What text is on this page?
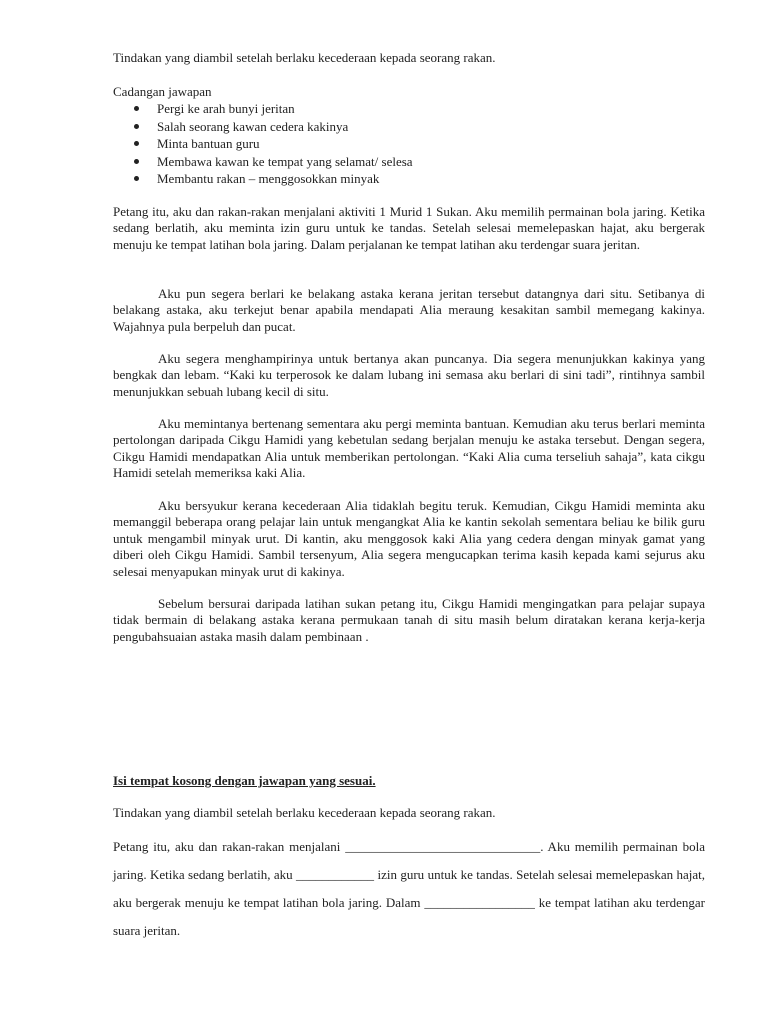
Tindakan yang diambil setelah berlaku kecederaan kepada seorang rakan.

Cadangan jawapan

Pergi ke arah bunyi jeritan
Salah seorang kawan cedera kakinya
Minta bantuan guru
Membawa kawan ke tempat yang selamat/ selesa
Membantu rakan – menggosokkan minyak

Petang itu, aku dan rakan-rakan menjalani aktiviti 1 Murid 1 Sukan. Aku memilih permainan bola jaring. Ketika sedang berlatih, aku meminta izin guru untuk ke tandas. Setelah selesai memelepaskan hajat, aku bergerak menuju ke tempat latihan bola jaring. Dalam perjalanan ke tempat latihan aku terdengar suara jeritan.

Aku pun segera berlari ke belakang astaka kerana jeritan tersebut datangnya dari situ. Setibanya di belakang astaka, aku terkejut benar apabila mendapati Alia meraung kesakitan sambil memegang kakinya. Wajahnya pula berpeluh dan pucat.

Aku segera menghampirinya untuk bertanya akan puncanya. Dia segera menunjukkan kakinya yang bengkak dan lebam. “Kaki ku terperosok ke dalam lubang ini semasa aku berlari di sini tadi”, rintihnya sambil menunjukkan sebuah lubang kecil di situ.

Aku memintanya bertenang sementara aku pergi meminta bantuan. Kemudian aku terus berlari meminta pertolongan daripada Cikgu Hamidi yang kebetulan sedang berjalan menuju ke astaka tersebut. Dengan segera, Cikgu Hamidi mendapatkan Alia untuk memberikan pertolongan. “Kaki Alia cuma terseliuh sahaja”, kata cikgu Hamidi setelah memeriksa kaki Alia.

Aku bersyukur kerana kecederaan Alia tidaklah begitu teruk. Kemudian, Cikgu Hamidi meminta aku memanggil beberapa orang pelajar lain untuk mengangkat Alia ke kantin sekolah sementara beliau ke bilik guru untuk mengambil minyak urut. Di kantin, aku menggosok kaki Alia yang cedera dengan minyak gamat yang diberi oleh Cikgu Hamidi. Sambil tersenyum, Alia segera mengucapkan terima kasih kepada kami sejurus aku selesai menyapukan minyak urut di kakinya.

Sebelum bersurai daripada latihan sukan petang itu, Cikgu Hamidi mengingatkan para pelajar supaya tidak bermain di belakang astaka kerana permukaan tanah di situ masih belum diratakan kerana kerja-kerja pengubahsuaian astaka masih dalam pembinaan .

Isi tempat kosong dengan jawapan yang sesuai.

Tindakan yang diambil setelah berlaku kecederaan kepada seorang rakan.

Petang itu, aku dan rakan-rakan menjalani ______________________________. Aku memilih permainan bola jaring. Ketika sedang berlatih, aku ____________ izin guru untuk ke tandas. Setelah selesai memelepaskan hajat, aku bergerak menuju ke tempat latihan bola jaring. Dalam _________________ ke tempat latihan aku terdengar suara jeritan.
